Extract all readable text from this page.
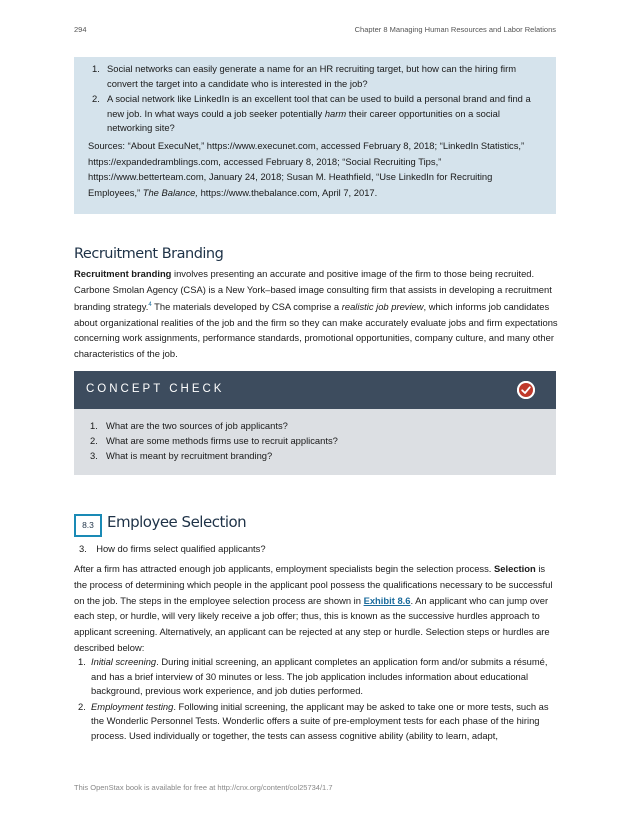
294	Chapter 8 Managing Human Resources and Labor Relations
1. Social networks can easily generate a name for an HR recruiting target, but how can the hiring firm convert the target into a candidate who is interested in the job?
2. A social network like LinkedIn is an excellent tool that can be used to build a personal brand and find a new job. In what ways could a job seeker potentially harm their career opportunities on a social networking site?
Sources: “About ExecuNet,” https://www.execunet.com, accessed February 8, 2018; “LinkedIn Statistics,” https://expandedramblings.com, accessed February 8, 2018; “Social Recruiting Tips,” https://www.betterteam.com, January 24, 2018; Susan M. Heathfield, “Use LinkedIn for Recruiting Employees,” The Balance, https://www.thebalance.com, April 7, 2017.
Recruitment Branding
Recruitment branding involves presenting an accurate and positive image of the firm to those being recruited. Carbone Smolan Agency (CSA) is a New York–based image consulting firm that assists in developing a recruitment branding strategy.$^4$ The materials developed by CSA comprise a realistic job preview, which informs job candidates about organizational realities of the job and the firm so they can make accurately evaluate jobs and firm expectations concerning work assignments, performance standards, promotional opportunities, company culture, and many other characteristics of the job.
CONCEPT CHECK
1. What are the two sources of job applicants?
2. What are some methods firms use to recruit applicants?
3. What is meant by recruitment branding?
8.3 Employee Selection
3. How do firms select qualified applicants?
After a firm has attracted enough job applicants, employment specialists begin the selection process. Selection is the process of determining which people in the applicant pool possess the qualifications necessary to be successful on the job. The steps in the employee selection process are shown in Exhibit 8.6. An applicant who can jump over each step, or hurdle, will very likely receive a job offer; thus, this is known as the successive hurdles approach to applicant screening. Alternatively, an applicant can be rejected at any step or hurdle. Selection steps or hurdles are described below:
1. Initial screening. During initial screening, an applicant completes an application form and/or submits a résumé, and has a brief interview of 30 minutes or less. The job application includes information about educational background, previous work experience, and job duties performed.
2. Employment testing. Following initial screening, the applicant may be asked to take one or more tests, such as the Wonderlic Personnel Tests. Wonderlic offers a suite of pre-employment tests for each phase of the hiring process. Used individually or together, the tests can assess cognitive ability (ability to learn, adapt,
This OpenStax book is available for free at http://cnx.org/content/col25734/1.7
